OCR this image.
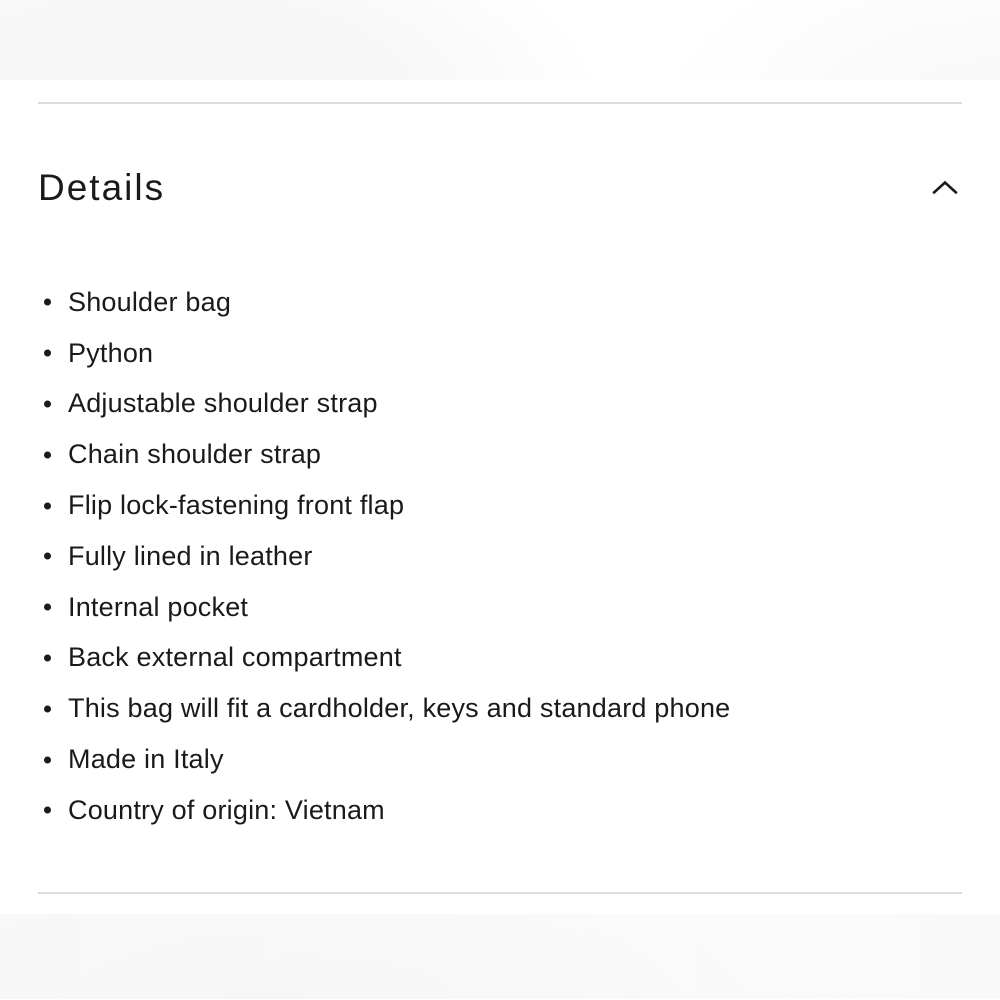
Details
Shoulder bag
Python
Adjustable shoulder strap
Chain shoulder strap
Flip lock-fastening front flap
Fully lined in leather
Internal pocket
Back external compartment
This bag will fit a cardholder, keys and standard phone
Made in Italy
Country of origin: Vietnam
